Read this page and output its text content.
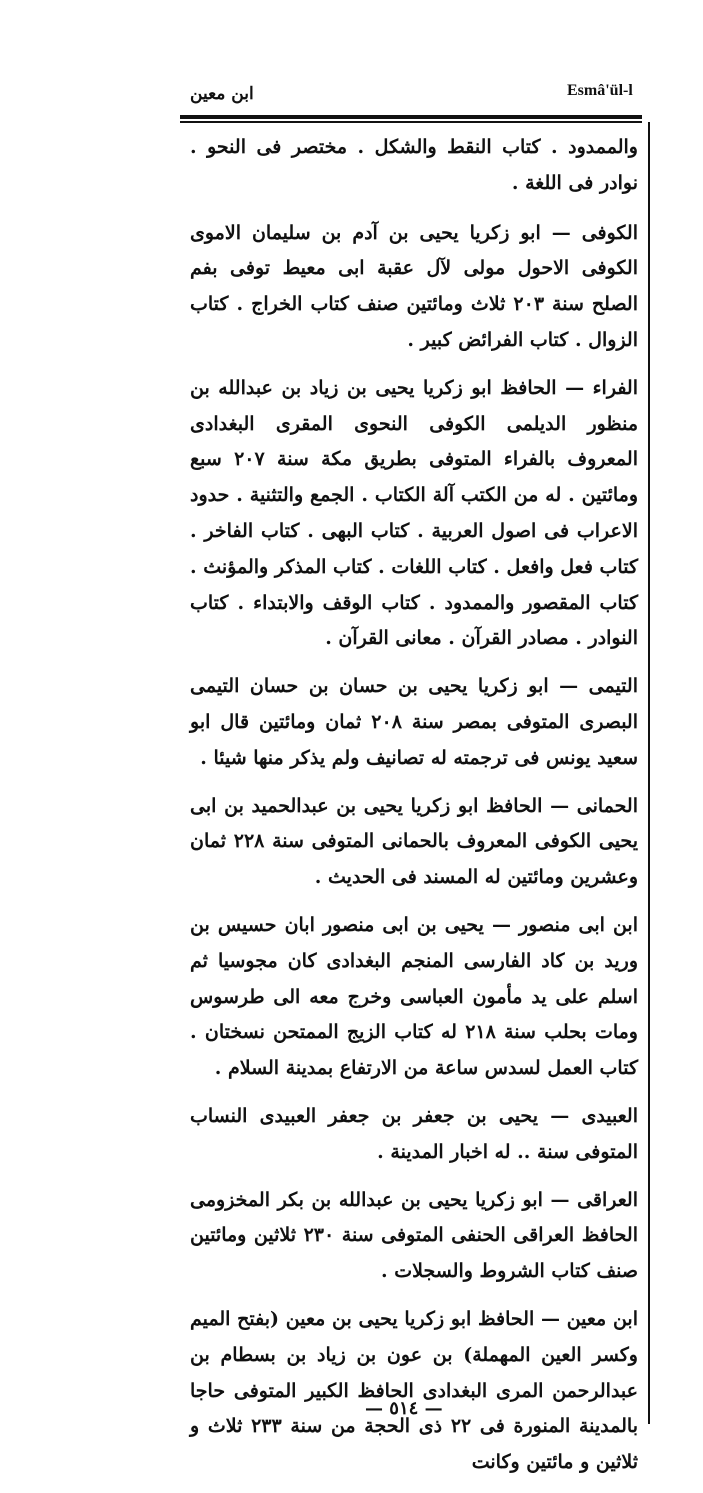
Esmâ'ül-l
ابن معين

والممدود . كتاب النقط والشكل . مختصر فى النحو . نوادر فى اللغة .

الكوفى — ابو زكريا يحيى بن آدم بن سليمان الاموى الكوفى الاحول مولى لآل عقبة ابى معيط توفى بفم الصلح سنة ٢٠٣ ثلاث ومائتين صنف كتاب الخراج . كتاب الزوال . كتاب الفرائض كبير .

الفراء — الحافظ ابو زكريا يحيى بن زياد بن عبدالله بن منظور الديلمى الكوفى النحوى المقرى البغدادى المعروف بالفراء المتوفى بطريق مكة سنة ٢٠٧ سبع ومائتين . له من الكتب آلة الكتاب . الجمع والتثنية . حدود الاعراب فى اصول العربية . كتاب البهى . كتاب الفاخر . كتاب فعل وافعل . كتاب اللغات . كتاب المذكر والمؤنث . كتاب المقصور والممدود . كتاب الوقف والابتداء . كتاب النوادر . مصادر القرآن . معانى القرآن .

التيمى — ابو زكريا يحيى بن حسان بن حسان التيمى البصرى المتوفى بمصر سنة ٢٠٨ ثمان ومائتين قال ابو سعيد يونس فى ترجمته له تصانيف ولم يذكر منها شيئا .

الحمانى — الحافظ ابو زكريا يحيى بن عبدالحميد بن ابى يحيى الكوفى المعروف بالحمانى المتوفى سنة ٢٢٨ ثمان وعشرين ومائتين له المسند فى الحديث .

ابن ابى منصور — يحيى بن ابى منصور ابان حسيس بن وريد بن كاد الفارسى المنجم البغدادى كان مجوسيا ثم اسلم على يد مأمون العباسى وخرج معه الى طرسوس ومات بحلب سنة ٢١٨ له كتاب الزيج الممتحن نسختان . كتاب العمل لسدس ساعة من الارتفاع بمدينة السلام .

العبيدى — يحيى بن جعفر بن جعفر العبيدى النساب المتوفى سنة .. له اخبار المدينة .

العراقى — ابو زكريا يحيى بن عبدالله بن بكر المخزومى الحافظ العراقى الحنفى المتوفى سنة ٢٣٠ ثلاثين ومائتين صنف كتاب الشروط والسجلات .

ابن معين — الحافظ ابو زكريا يحيى بن معين (بفتح الميم وكسر العين المهملة) بن عون بن زياد بن بسطام بن عبدالرحمن المرى البغدادى الحافظ الكبير المتوفى حاجا بالمدينة المنورة فى ٢٢ ذى الحجة من سنة ٢٣٣ ثلاث و ثلاثين و مائتين وكانت

— ٥١٤ —
